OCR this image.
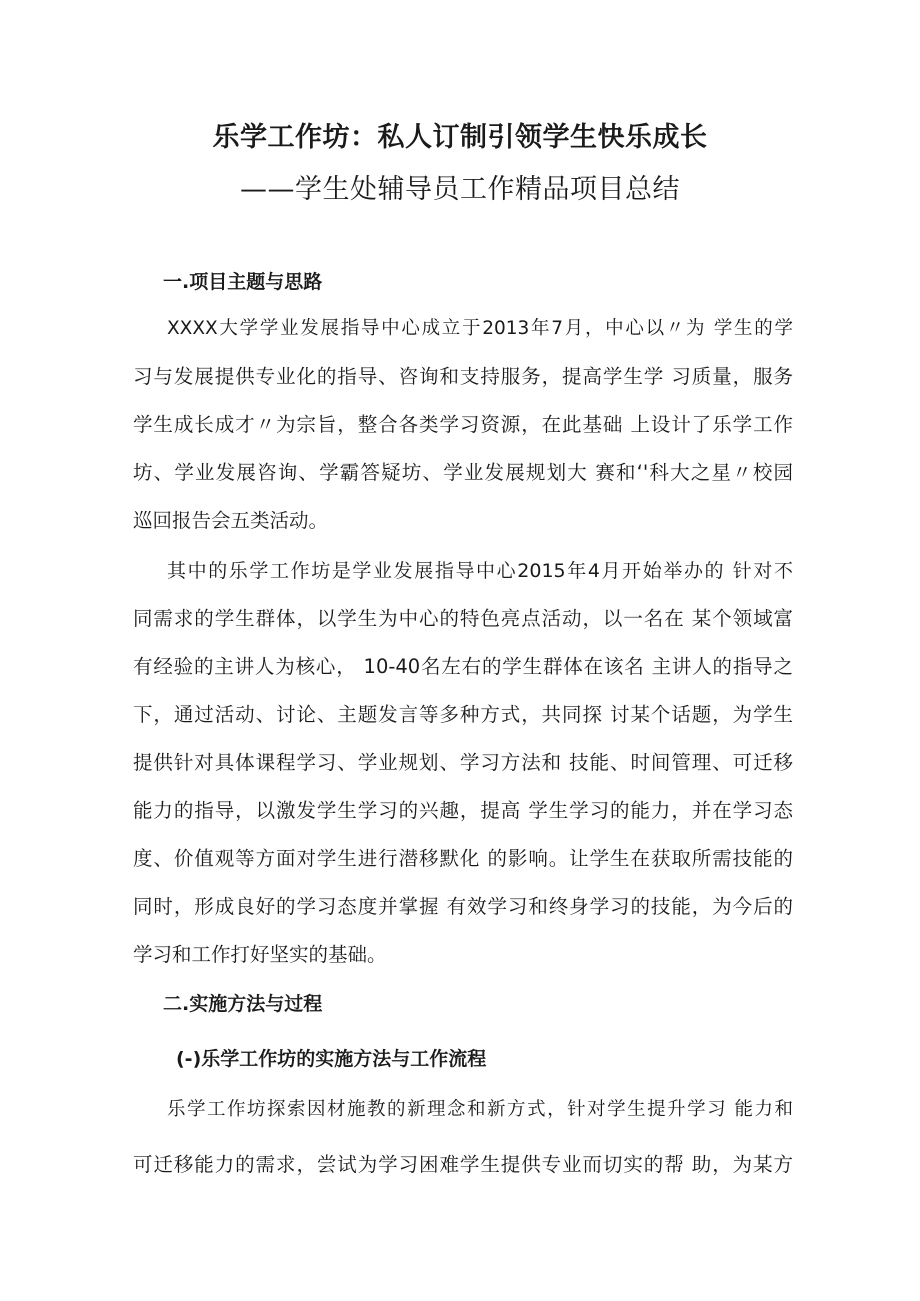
乐学工作坊：私人订制引领学生快乐成长
——学生处辅导员工作精品项目总结
一.项目主题与思路
XXXX大学学业发展指导中心成立于2013年7月，中心以〃为 学生的学
习与发展提供专业化的指导、咨询和支持服务，提高学生学 习质量，服务
学生成长成才〃为宗旨，整合各类学习资源，在此基础 上设计了乐学工作
坊、学业发展咨询、学霸答疑坊、学业发展规划大 赛和‘'科大之星〃校园
巡回报告会五类活动。
其中的乐学工作坊是学业发展指导中心2015年4月开始举办的 针对不
同需求的学生群体，以学生为中心的特色亮点活动，以一名在 某个领域富
有经验的主讲人为核心， 10-40名左右的学生群体在该名 主讲人的指导之
下，通过活动、讨论、主题发言等多种方式，共同探 讨某个话题，为学生
提供针对具体课程学习、学业规划、学习方法和 技能、时间管理、可迁移
能力的指导，以激发学生学习的兴趣，提高 学生学习的能力，并在学习态
度、价值观等方面对学生进行潜移默化 的影响。让学生在获取所需技能的
同时，形成良好的学习态度并掌握 有效学习和终身学习的技能，为今后的
学习和工作打好坚实的基础。
二.实施方法与过程
(-)乐学工作坊的实施方法与工作流程
乐学工作坊探索因材施教的新理念和新方式，针对学生提升学习 能力和
可迁移能力的需求，尝试为学习困难学生提供专业而切实的帮 助，为某方
